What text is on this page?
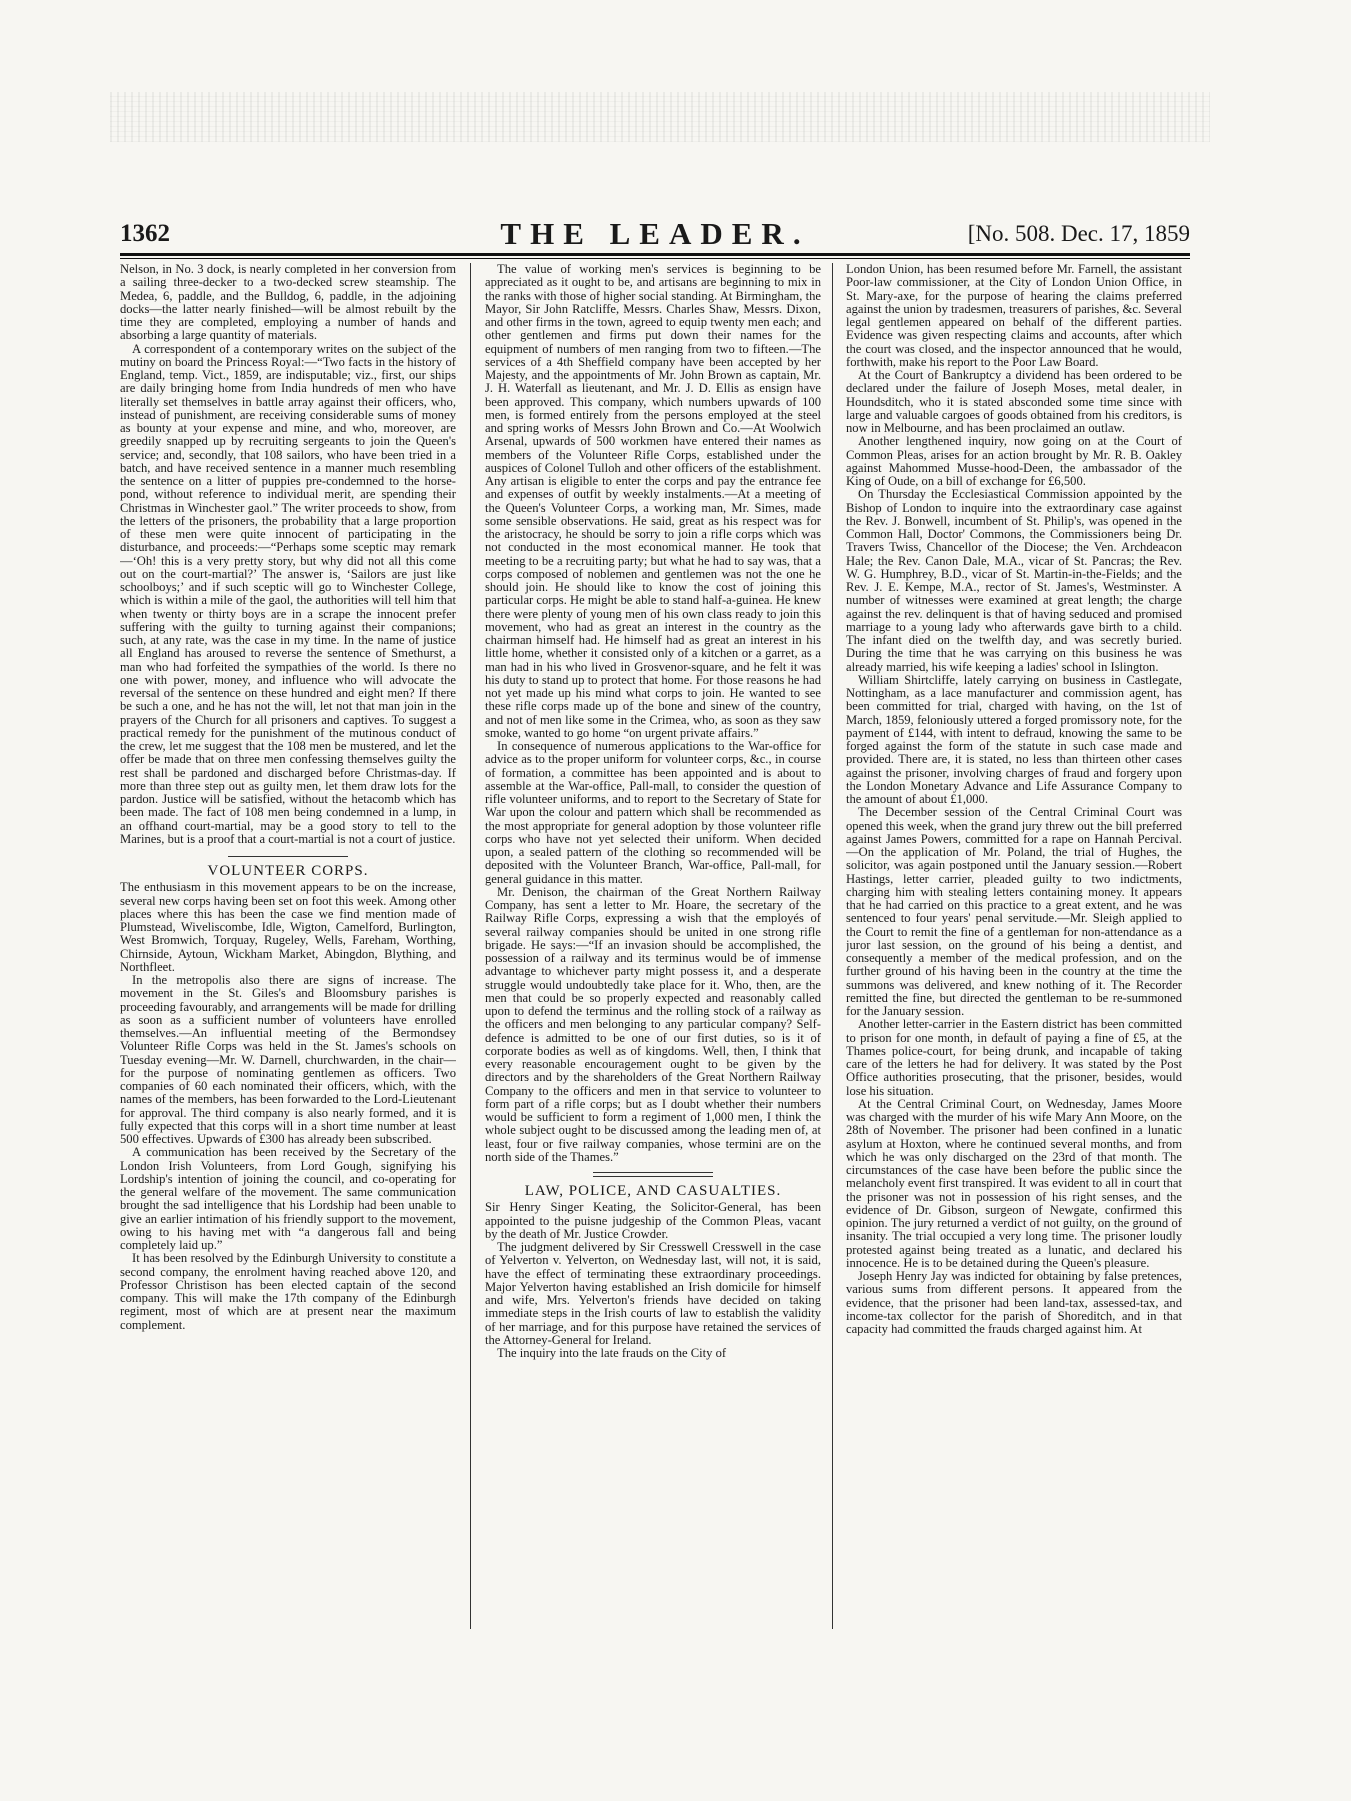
1362	THE LEADER.	[No. 508. Dec. 17, 1859

Nelson, in No. 3 dock, is nearly completed in her conversion from a sailing three-decker to a two-decked screw steamship. The Medea, 6, paddle, and the Bulldog, 6, paddle, in the adjoining docks—the latter nearly finished—will be almost rebuilt by the time they are completed, employing a number of hands and absorbing a large quantity of materials.

A correspondent of a contemporary writes on the subject of the mutiny on board the Princess Royal:—“Two facts in the history of England, temp. Vict., 1859, are indisputable; viz., first, our ships are daily bringing home from India hundreds of men who have literally set themselves in battle array against their officers, who, instead of punishment, are receiving considerable sums of money as bounty at your expense and mine, and who, moreover, are greedily snapped up by recruiting sergeants to join the Queen's service; and, secondly, that 108 sailors, who have been tried in a batch, and have received sentence in a manner much resembling the sentence on a litter of puppies pre-condemned to the horse-pond, without reference to individual merit, are spending their Christmas in Winchester gaol.” The writer proceeds to show, from the letters of the prisoners, the probability that a large proportion of these men were quite innocent of participating in the disturbance, and proceeds:—“Perhaps some sceptic may remark—‘Oh! this is a very pretty story, but why did not all this come out on the court-martial?’ The answer is, ‘Sailors are just like schoolboys;’ and if such sceptic will go to Winchester College, which is within a mile of the gaol, the authorities will tell him that when twenty or thirty boys are in a scrape the innocent prefer suffering with the guilty to turning against their companions; such, at any rate, was the case in my time. In the name of justice all England has aroused to reverse the sentence of Smethurst, a man who had forfeited the sympathies of the world. Is there no one with power, money, and influence who will advocate the reversal of the sentence on these hundred and eight men? If there be such a one, and he has not the will, let not that man join in the prayers of the Church for all prisoners and captives. To suggest a practical remedy for the punishment of the mutinous conduct of the crew, let me suggest that the 108 men be mustered, and let the offer be made that on three men confessing themselves guilty the rest shall be pardoned and discharged before Christmas-day. If more than three step out as guilty men, let them draw lots for the pardon. Justice will be satisfied, without the hetacomb which has been made. The fact of 108 men being condemned in a lump, in an offhand court-martial, may be a good story to tell to the Marines, but is a proof that a court-martial is not a court of justice.

VOLUNTEER CORPS.

The enthusiasm in this movement appears to be on the increase, several new corps having been set on foot this week. Among other places where this has been the case we find mention made of Plumstead, Wiveliscombe, Idle, Wigton, Camelford, Burlington, West Bromwich, Torquay, Rugeley, Wells, Fareham, Worthing, Chirnside, Aytoun, Wickham Market, Abingdon, Blything, and Northfleet.

In the metropolis also there are signs of increase. The movement in the St. Giles's and Bloomsbury parishes is proceeding favourably, and arrangements will be made for drilling as soon as a sufficient number of volunteers have enrolled themselves.—An influential meeting of the Bermondsey Volunteer Rifle Corps was held in the St. James's schools on Tuesday evening—Mr. W. Darnell, churchwarden, in the chair—for the purpose of nominating gentlemen as officers. Two companies of 60 each nominated their officers, which, with the names of the members, has been forwarded to the Lord-Lieutenant for approval. The third company is also nearly formed, and it is fully expected that this corps will in a short time number at least 500 effectives. Upwards of £300 has already been subscribed.

A communication has been received by the Secretary of the London Irish Volunteers, from Lord Gough, signifying his Lordship's intention of joining the council, and co-operating for the general welfare of the movement. The same communication brought the sad intelligence that his Lordship had been unable to give an earlier intimation of his friendly support to the movement, owing to his having met with “a dangerous fall and being completely laid up.”

It has been resolved by the Edinburgh University to constitute a second company, the enrolment having reached above 120, and Professor Christison has been elected captain of the second company. This will make the 17th company of the Edinburgh regiment, most of which are at present near the maximum complement.

The value of working men's services is beginning to be appreciated as it ought to be, and artisans are beginning to mix in the ranks with those of higher social standing. At Birmingham, the Mayor, Sir John Ratcliffe, Messrs. Charles Shaw, Messrs. Dixon, and other firms in the town, agreed to equip twenty men each; and other gentlemen and firms put down their names for the equipment of numbers of men ranging from two to fifteen.—The services of a 4th Sheffield company have been accepted by her Majesty, and the appointments of Mr. John Brown as captain, Mr. J. H. Waterfall as lieutenant, and Mr. J. D. Ellis as ensign have been approved. This company, which numbers upwards of 100 men, is formed entirely from the persons employed at the steel and spring works of Messrs John Brown and Co.—At Woolwich Arsenal, upwards of 500 workmen have entered their names as members of the Volunteer Rifle Corps, established under the auspices of Colonel Tulloh and other officers of the establishment. Any artisan is eligible to enter the corps and pay the entrance fee and expenses of outfit by weekly instalments.—At a meeting of the Queen's Volunteer Corps, a working man, Mr. Simes, made some sensible observations. He said, great as his respect was for the aristocracy, he should be sorry to join a rifle corps which was not conducted in the most economical manner. He took that meeting to be a recruiting party; but what he had to say was, that a corps composed of noblemen and gentlemen was not the one he should join. He should like to know the cost of joining this particular corps. He might be able to stand half-a-guinea. He knew there were plenty of young men of his own class ready to join this movement, who had as great an interest in the country as the chairman himself had. He himself had as great an interest in his little home, whether it consisted only of a kitchen or a garret, as a man had in his who lived in Grosvenor-square, and he felt it was his duty to stand up to protect that home. For those reasons he had not yet made up his mind what corps to join. He wanted to see these rifle corps made up of the bone and sinew of the country, and not of men like some in the Crimea, who, as soon as they saw smoke, wanted to go home “on urgent private affairs.”

In consequence of numerous applications to the War-office for advice as to the proper uniform for volunteer corps, &c., in course of formation, a committee has been appointed and is about to assemble at the War-office, Pall-mall, to consider the question of rifle volunteer uniforms, and to report to the Secretary of State for War upon the colour and pattern which shall be recommended as the most appropriate for general adoption by those volunteer rifle corps who have not yet selected their uniform. When decided upon, a sealed pattern of the clothing so recommended will be deposited with the Volunteer Branch, War-office, Pall-mall, for general guidance in this matter.

Mr. Denison, the chairman of the Great Northern Railway Company, has sent a letter to Mr. Hoare, the secretary of the Railway Rifle Corps, expressing a wish that the employés of several railway companies should be united in one strong rifle brigade. He says:—“If an invasion should be accomplished, the possession of a railway and its terminus would be of immense advantage to whichever party might possess it, and a desperate struggle would undoubtedly take place for it. Who, then, are the men that could be so properly expected and reasonably called upon to defend the terminus and the rolling stock of a railway as the officers and men belonging to any particular company? Self-defence is admitted to be one of our first duties, so is it of corporate bodies as well as of kingdoms. Well, then, I think that every reasonable encouragement ought to be given by the directors and by the shareholders of the Great Northern Railway Company to the officers and men in that service to volunteer to form part of a rifle corps; but as I doubt whether their numbers would be sufficient to form a regiment of 1,000 men, I think the whole subject ought to be discussed among the leading men of, at least, four or five railway companies, whose termini are on the north side of the Thames.”

LAW, POLICE, AND CASUALTIES.

Sir Henry Singer Keating, the Solicitor-General, has been appointed to the puisne judgeship of the Common Pleas, vacant by the death of Mr. Justice Crowder.

The judgment delivered by Sir Cresswell Cresswell in the case of Yelverton v. Yelverton, on Wednesday last, will not, it is said, have the effect of terminating these extraordinary proceedings. Major Yelverton having established an Irish domicile for himself and wife, Mrs. Yelverton's friends have decided on taking immediate steps in the Irish courts of law to establish the validity of her marriage, and for this purpose have retained the services of the Attorney-General for Ireland.

The inquiry into the late frauds on the City of

London Union, has been resumed before Mr. Farnell, the assistant Poor-law commissioner, at the City of London Union Office, in St. Mary-axe, for the purpose of hearing the claims preferred against the union by tradesmen, treasurers of parishes, &c. Several legal gentlemen appeared on behalf of the different parties. Evidence was given respecting claims and accounts, after which the court was closed, and the inspector announced that he would, forthwith, make his report to the Poor Law Board.

At the Court of Bankruptcy a dividend has been ordered to be declared under the failure of Joseph Moses, metal dealer, in Houndsditch, who it is stated absconded some time since with large and valuable cargoes of goods obtained from his creditors, is now in Melbourne, and has been proclaimed an outlaw.

Another lengthened inquiry, now going on at the Court of Common Pleas, arises for an action brought by Mr. R. B. Oakley against Mahommed Musse-hood-Deen, the ambassador of the King of Oude, on a bill of exchange for £6,500.

On Thursday the Ecclesiastical Commission appointed by the Bishop of London to inquire into the extraordinary case against the Rev. J. Bonwell, incumbent of St. Philip's, was opened in the Common Hall, Doctor' Commons, the Commissioners being Dr. Travers Twiss, Chancellor of the Diocese; the Ven. Archdeacon Hale; the Rev. Canon Dale, M.A., vicar of St. Pancras; the Rev. W. G. Humphrey, B.D., vicar of St. Martin-in-the-Fields; and the Rev. J. E. Kempe, M.A., rector of St. James's, Westminster. A number of witnesses were examined at great length; the charge against the rev. delinquent is that of having seduced and promised marriage to a young lady who afterwards gave birth to a child. The infant died on the twelfth day, and was secretly buried. During the time that he was carrying on this business he was already married, his wife keeping a ladies' school in Islington.

William Shirtcliffe, lately carrying on business in Castlegate, Nottingham, as a lace manufacturer and commission agent, has been committed for trial, charged with having, on the 1st of March, 1859, feloniously uttered a forged promissory note, for the payment of £144, with intent to defraud, knowing the same to be forged against the form of the statute in such case made and provided. There are, it is stated, no less than thirteen other cases against the prisoner, involving charges of fraud and forgery upon the London Monetary Advance and Life Assurance Company to the amount of about £1,000.

The December session of the Central Criminal Court was opened this week, when the grand jury threw out the bill preferred against James Powers, committed for a rape on Hannah Percival.—On the application of Mr. Poland, the trial of Hughes, the solicitor, was again postponed until the January session.—Robert Hastings, letter carrier, pleaded guilty to two indictments, charging him with stealing letters containing money. It appears that he had carried on this practice to a great extent, and he was sentenced to four years' penal servitude.—Mr. Sleigh applied to the Court to remit the fine of a gentleman for non-attendance as a juror last session, on the ground of his being a dentist, and consequently a member of the medical profession, and on the further ground of his having been in the country at the time the summons was delivered, and knew nothing of it. The Recorder remitted the fine, but directed the gentleman to be re-summoned for the January session.

Another letter-carrier in the Eastern district has been committed to prison for one month, in default of paying a fine of £5, at the Thames police-court, for being drunk, and incapable of taking care of the letters he had for delivery. It was stated by the Post Office authorities prosecuting, that the prisoner, besides, would lose his situation.

At the Central Criminal Court, on Wednesday, James Moore was charged with the murder of his wife Mary Ann Moore, on the 28th of November. The prisoner had been confined in a lunatic asylum at Hoxton, where he continued several months, and from which he was only discharged on the 23rd of that month. The circumstances of the case have been before the public since the melancholy event first transpired. It was evident to all in court that the prisoner was not in possession of his right senses, and the evidence of Dr. Gibson, surgeon of Newgate, confirmed this opinion. The jury returned a verdict of not guilty, on the ground of insanity. The trial occupied a very long time. The prisoner loudly protested against being treated as a lunatic, and declared his innocence. He is to be detained during the Queen's pleasure.

Joseph Henry Jay was indicted for obtaining by false pretences, various sums from different persons. It appeared from the evidence, that the prisoner had been land-tax, assessed-tax, and income-tax collector for the parish of Shoreditch, and in that capacity had committed the frauds charged against him. At
